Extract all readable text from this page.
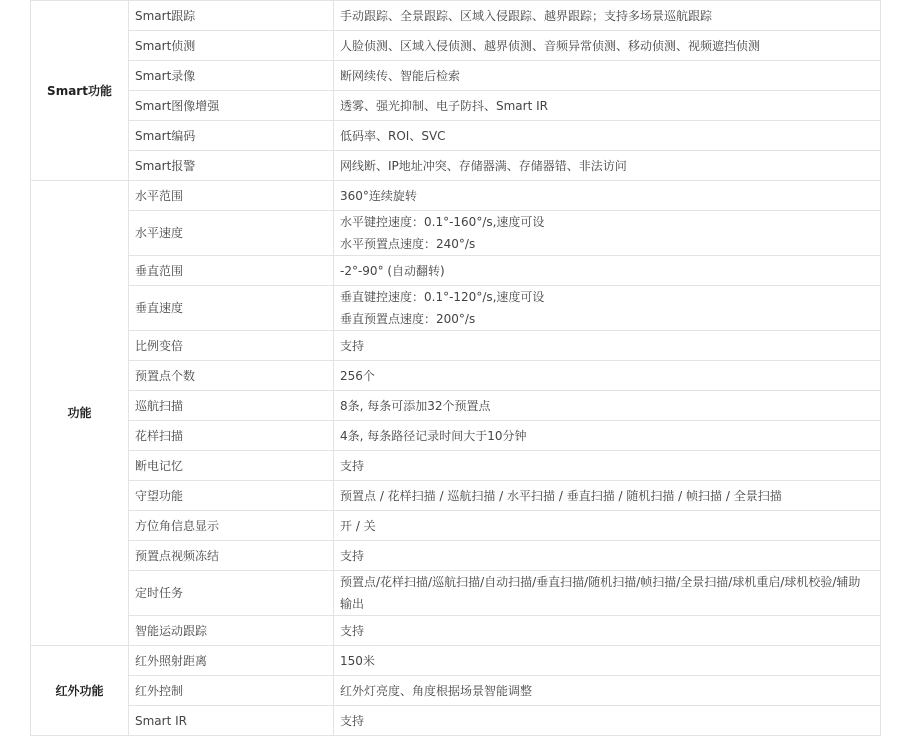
Smart功能	Smart跟踪	手动跟踪、全景跟踪、区域入侵跟踪、越界跟踪；支持多场景巡航跟踪

	Smart侦测	人脸侦测、区域入侵侦测、越界侦测、音频异常侦测、移动侦测、视频遮挡侦测

	Smart录像	断网续传、智能后检索

	Smart图像增强	透雾、强光抑制、电子防抖、Smart IR

	Smart编码	低码率、ROI、SVC

	Smart报警	网线断、IP地址冲突、存储器满、存储器错、非法访问

功能	水平范围	360°连续旋转

	水平速度	水平键控速度：0.1°-160°/s,速度可设
水平预置点速度：240°/s

	垂直范围	-2°-90° (自动翻转)

	垂直速度	垂直键控速度：0.1°-120°/s,速度可设
垂直预置点速度：200°/s

	比例变倍	支持

	预置点个数	256个

	巡航扫描	8条, 每条可添加32个预置点

	花样扫描	4条, 每条路径记录时间大于10分钟

	断电记忆	支持

	守望功能	预置点 / 花样扫描 / 巡航扫描 / 水平扫描 / 垂直扫描 / 随机扫描 / 帧扫描 / 全景扫描

	方位角信息显示	开 / 关

	预置点视频冻结	支持

	定时任务	预置点/花样扫描/巡航扫描/自动扫描/垂直扫描/随机扫描/帧扫描/全景扫描/球机重启/球机校验/辅助
输出

	智能运动跟踪	支持

红外功能	红外照射距离	150米

	红外控制	红外灯亮度、角度根据场景智能调整

	Smart IR	支持
